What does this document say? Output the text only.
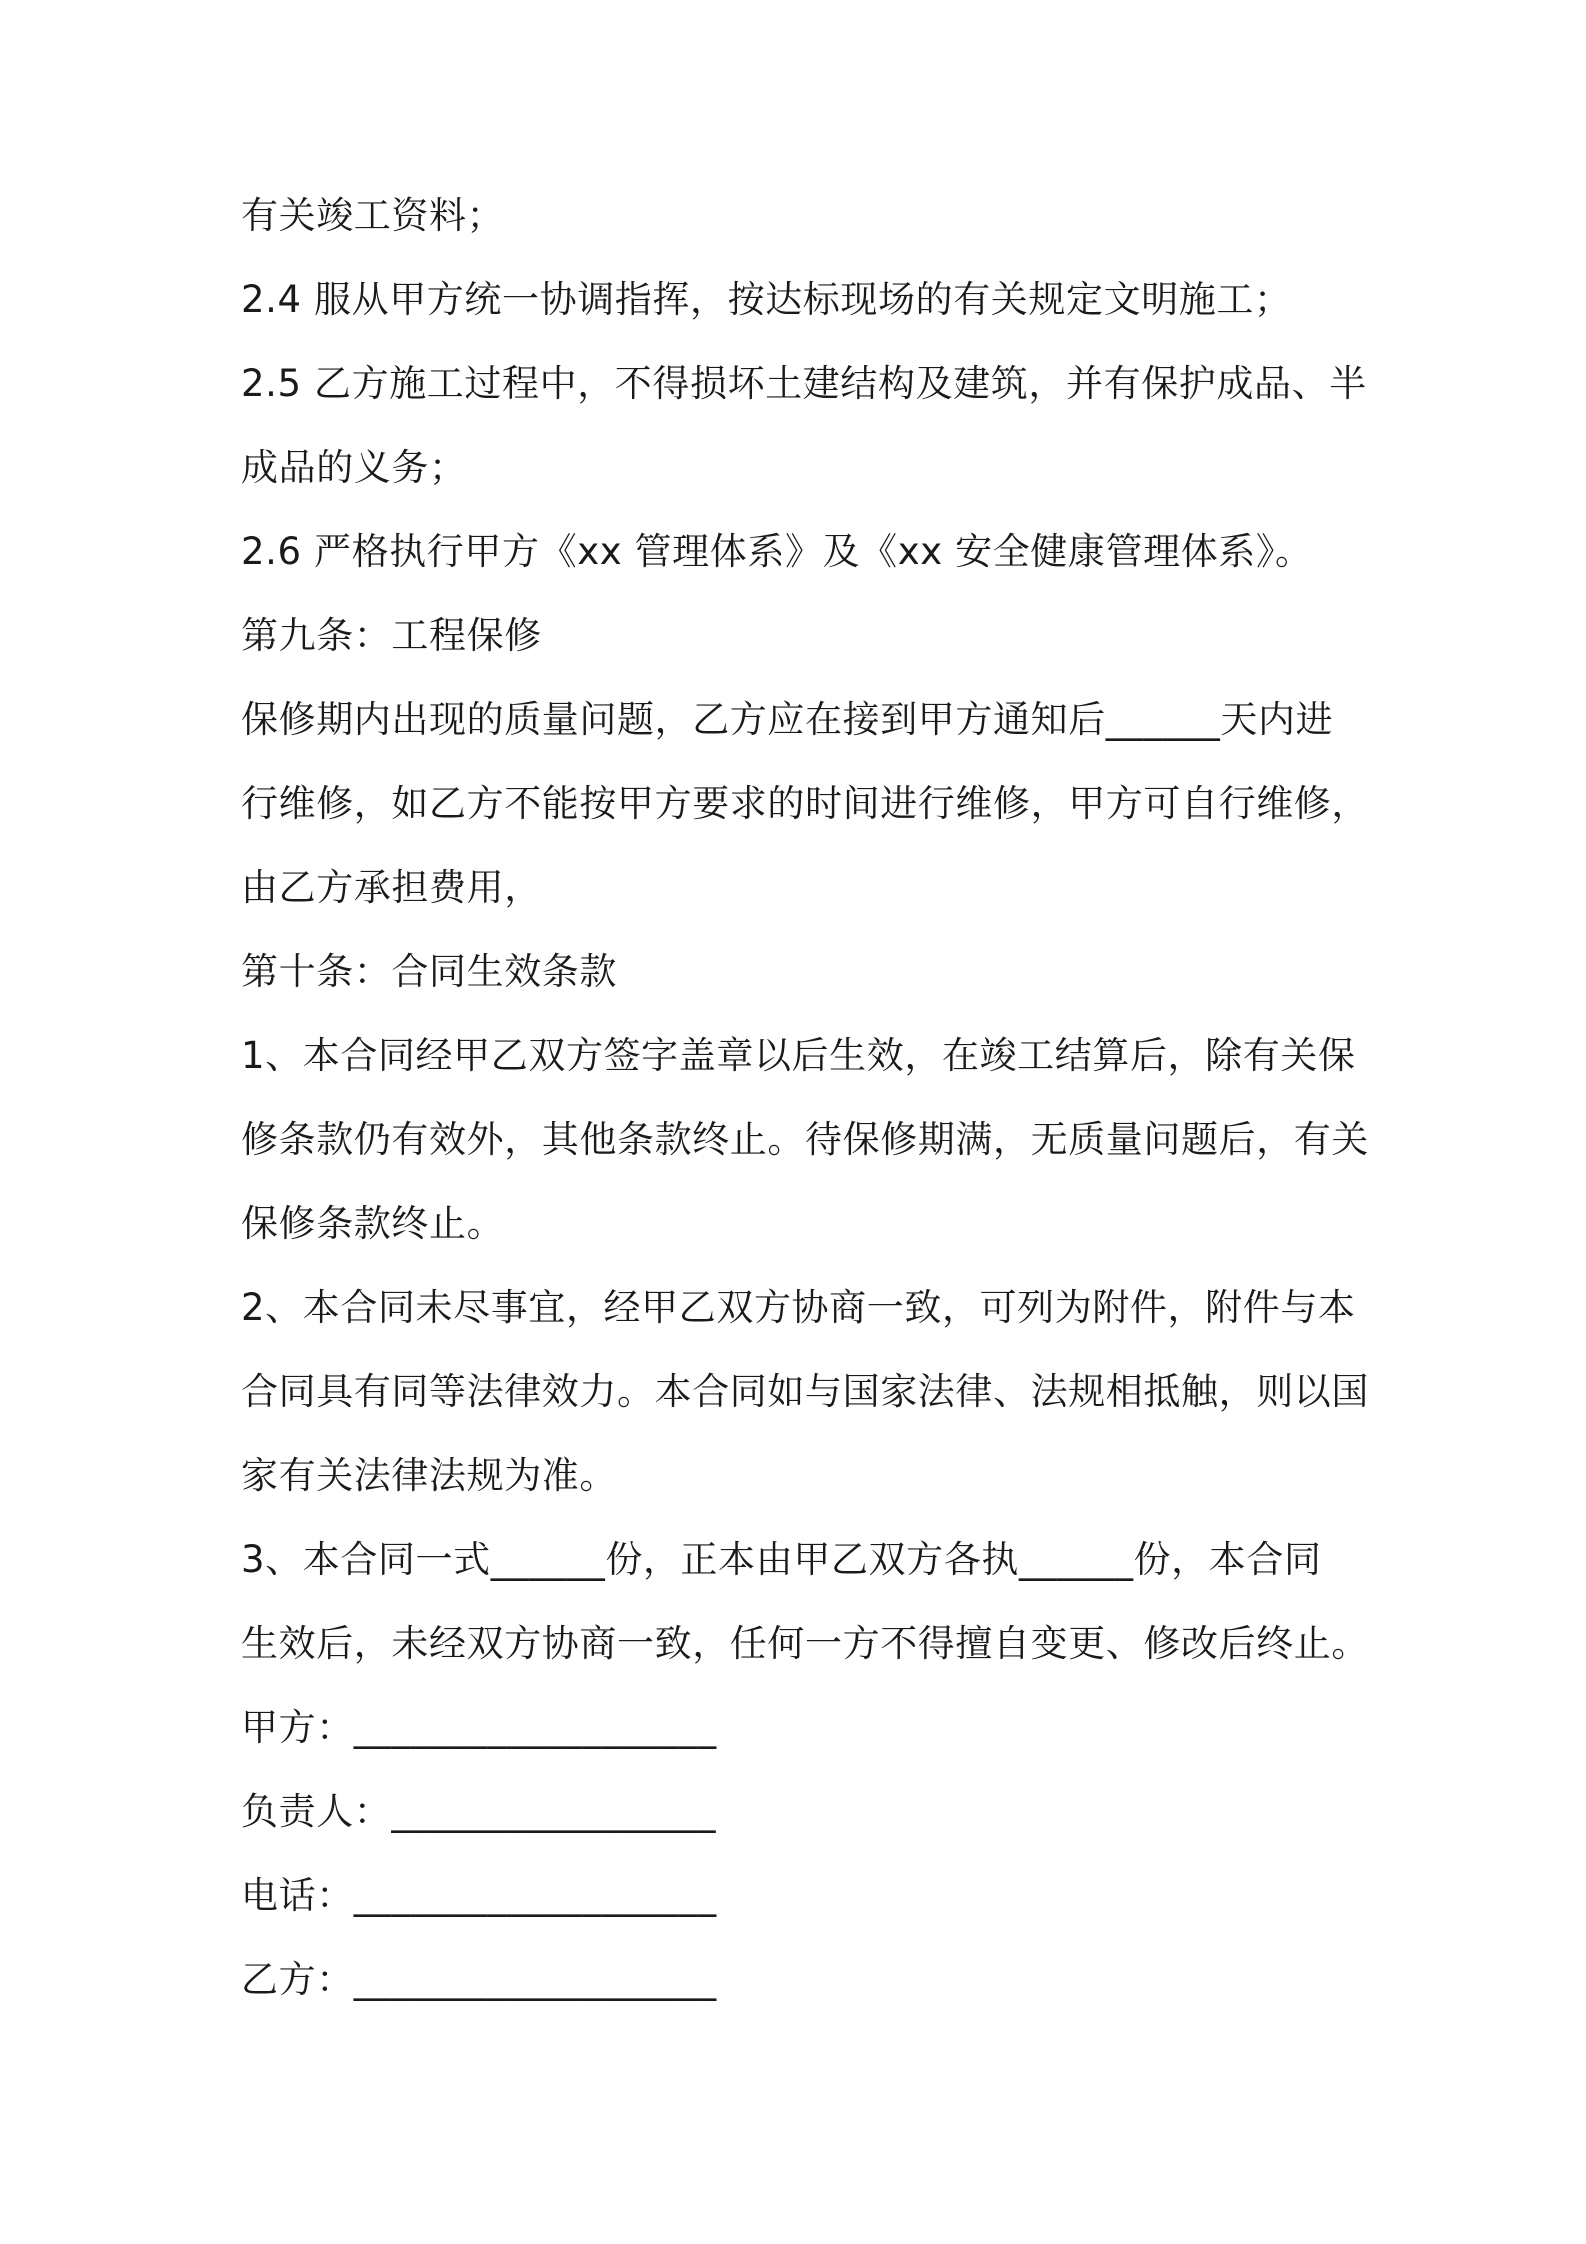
有关竣工资料；

2.4 服从甲方统一协调指挥，按达标现场的有关规定文明施工；

2.5 乙方施工过程中，不得损坏土建结构及建筑，并有保护成品、半

成品的义务；

2.6 严格执行甲方《xx 管理体系》及《xx 安全健康管理体系》。

第九条：工程保修

保修期内出现的质量问题，乙方应在接到甲方通知后______天内进

行维修，如乙方不能按甲方要求的时间进行维修，甲方可自行维修，

由乙方承担费用，

第十条：合同生效条款

1、本合同经甲乙双方签字盖章以后生效，在竣工结算后，除有关保

修条款仍有效外，其他条款终止。待保修期满，无质量问题后，有关

保修条款终止。

2、本合同未尽事宜，经甲乙双方协商一致，可列为附件，附件与本

合同具有同等法律效力。本合同如与国家法律、法规相抵触，则以国

家有关法律法规为准。

3、本合同一式______份，正本由甲乙双方各执______份，本合同

生效后，未经双方协商一致，任何一方不得擅自变更、修改后终止。

甲方：___________________

负责人：_________________

电话：___________________

乙方：___________________
